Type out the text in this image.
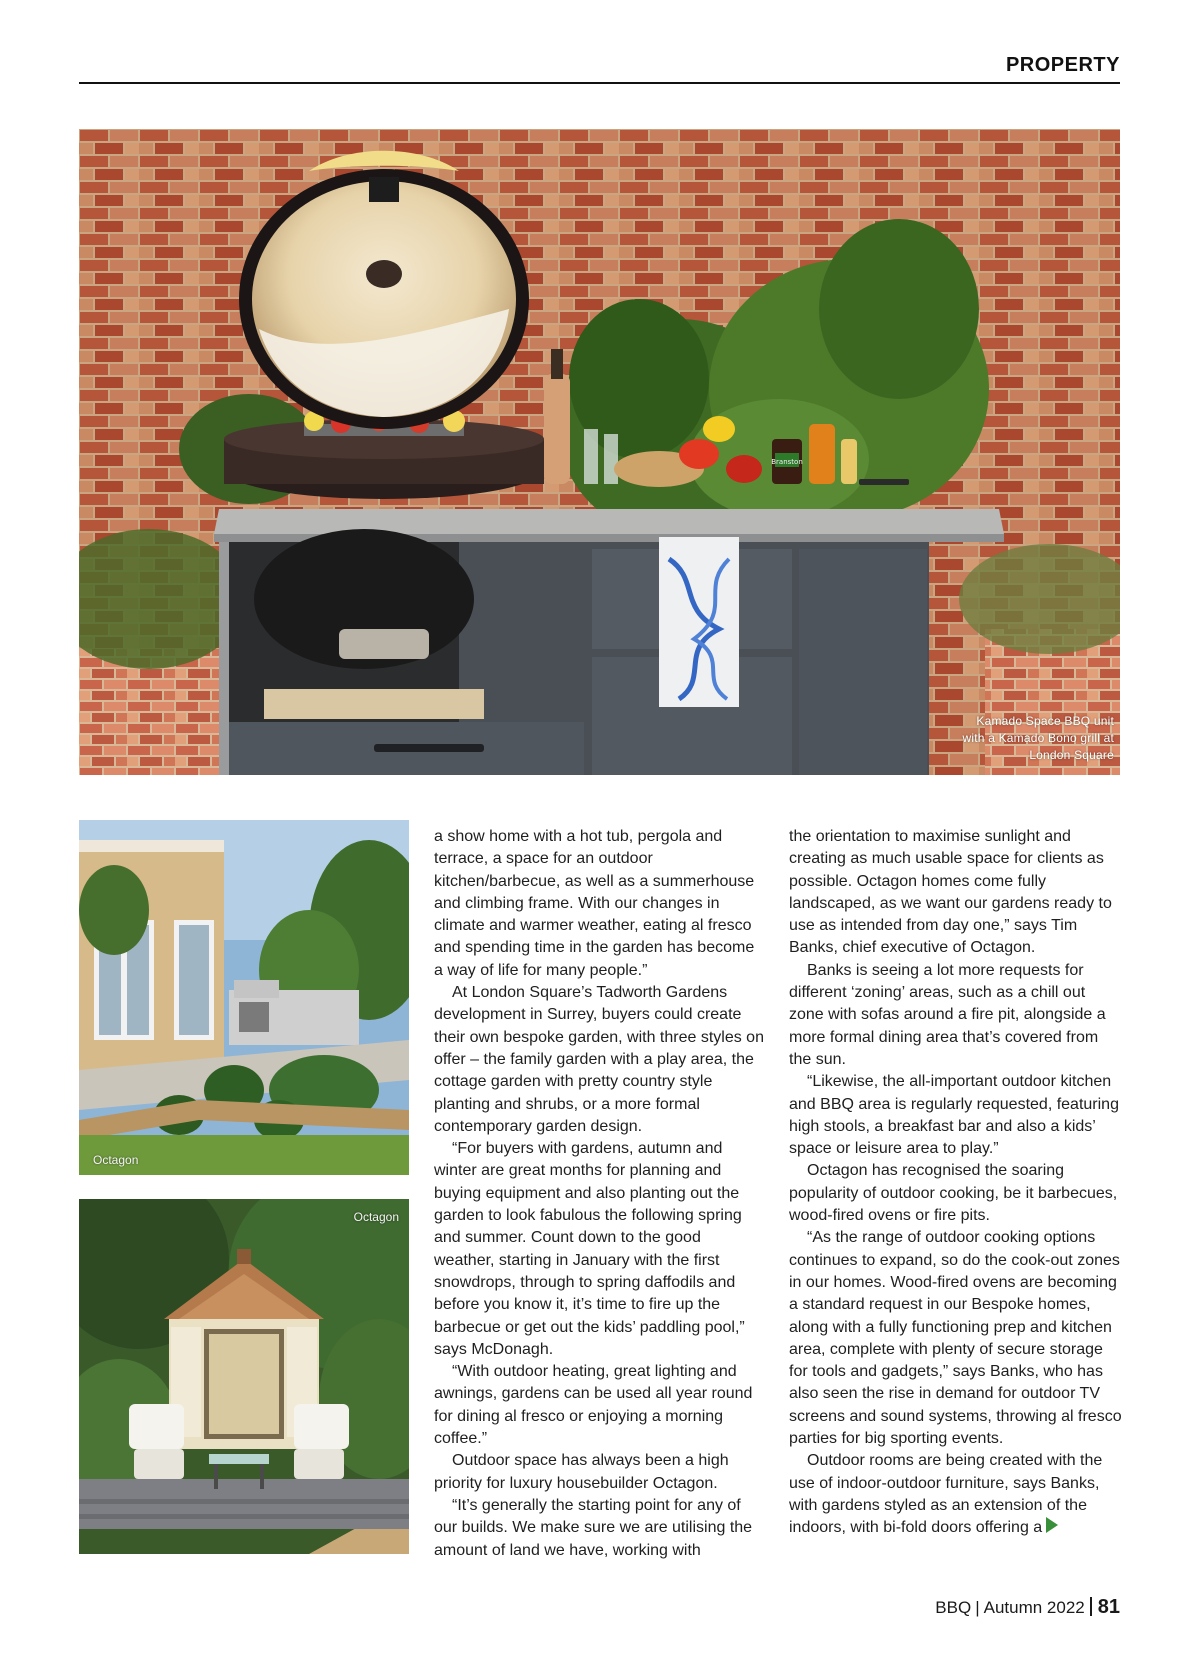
PROPERTY
Branston
Kamado Space BBQ unit with a Kamado Bono grill at London Square
Octagon
Octagon

a show home with a hot tub, pergola and terrace, a space for an outdoor kitchen/barbecue, as well as a summerhouse and climbing frame. With our changes in climate and warmer weather, eating al fresco and spending time in the garden has become a way of life for many people.”

At London Square’s Tadworth Gardens development in Surrey, buyers could create their own bespoke garden, with three styles on offer – the family garden with a play area, the cottage garden with pretty country style planting and shrubs, or a more formal contemporary garden design.

“For buyers with gardens, autumn and winter are great months for planning and buying equipment and also planting out the garden to look fabulous the following spring and summer. Count down to the good weather, starting in January with the first snowdrops, through to spring daffodils and before you know it, it’s time to fire up the barbecue or get out the kids’ paddling pool,” says McDonagh.

“With outdoor heating, great lighting and awnings, gardens can be used all year round for dining al fresco or enjoying a morning coffee.”

Outdoor space has always been a high priority for luxury housebuilder Octagon.

“It’s generally the starting point for any of our builds. We make sure we are utilising the amount of land we have, working with

the orientation to maximise sunlight and creating as much usable space for clients as possible. Octagon homes come fully landscaped, as we want our gardens ready to use as intended from day one,” says Tim Banks, chief executive of Octagon.

Banks is seeing a lot more requests for different ‘zoning’ areas, such as a chill out zone with sofas around a fire pit, alongside a more formal dining area that’s covered from the sun.

“Likewise, the all-important outdoor kitchen and BBQ area is regularly requested, featuring high stools, a breakfast bar and also a kids’ space or leisure area to play.”

Octagon has recognised the soaring popularity of outdoor cooking, be it barbecues, wood-fired ovens or fire pits.

“As the range of outdoor cooking options continues to expand, so do the cook-out zones in our homes. Wood-fired ovens are becoming a standard request in our Bespoke homes, along with a fully functioning prep and kitchen area, complete with plenty of secure storage for tools and gadgets,” says Banks, who has also seen the rise in demand for outdoor TV screens and sound systems, throwing al fresco parties for big sporting events.

Outdoor rooms are being created with the use of indoor-outdoor furniture, says Banks, with gardens styled as an extension of the indoors, with bi-fold doors offering a

BBQ | Autumn 2022 81
